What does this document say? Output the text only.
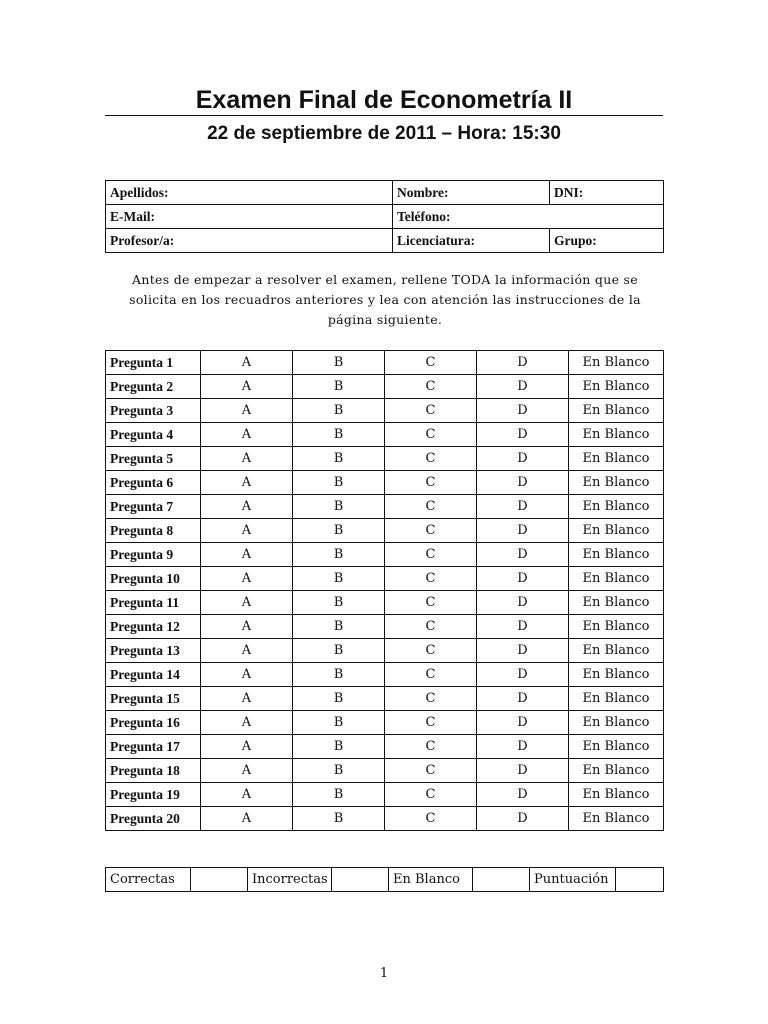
Examen Final de Econometría II
22 de septiembre de 2011 – Hora: 15:30
Apellidos:	Nombre:	DNI:
E-Mail:	Teléfono:	
Profesor/a:	Licenciatura:	Grupo:
Antes de empezar a resolver el examen, rellene TODA la información que se solicita en los recuadros anteriores y lea con atención las instrucciones de la página siguiente.
Pregunta 1	A	B	C	D	En Blanco
Pregunta 2	A	B	C	D	En Blanco
Pregunta 3	A	B	C	D	En Blanco
Pregunta 4	A	B	C	D	En Blanco
Pregunta 5	A	B	C	D	En Blanco
Pregunta 6	A	B	C	D	En Blanco
Pregunta 7	A	B	C	D	En Blanco
Pregunta 8	A	B	C	D	En Blanco
Pregunta 9	A	B	C	D	En Blanco
Pregunta 10	A	B	C	D	En Blanco
Pregunta 11	A	B	C	D	En Blanco
Pregunta 12	A	B	C	D	En Blanco
Pregunta 13	A	B	C	D	En Blanco
Pregunta 14	A	B	C	D	En Blanco
Pregunta 15	A	B	C	D	En Blanco
Pregunta 16	A	B	C	D	En Blanco
Pregunta 17	A	B	C	D	En Blanco
Pregunta 18	A	B	C	D	En Blanco
Pregunta 19	A	B	C	D	En Blanco
Pregunta 20	A	B	C	D	En Blanco
Correctas		Incorrectas		En Blanco		Puntuación	
1
